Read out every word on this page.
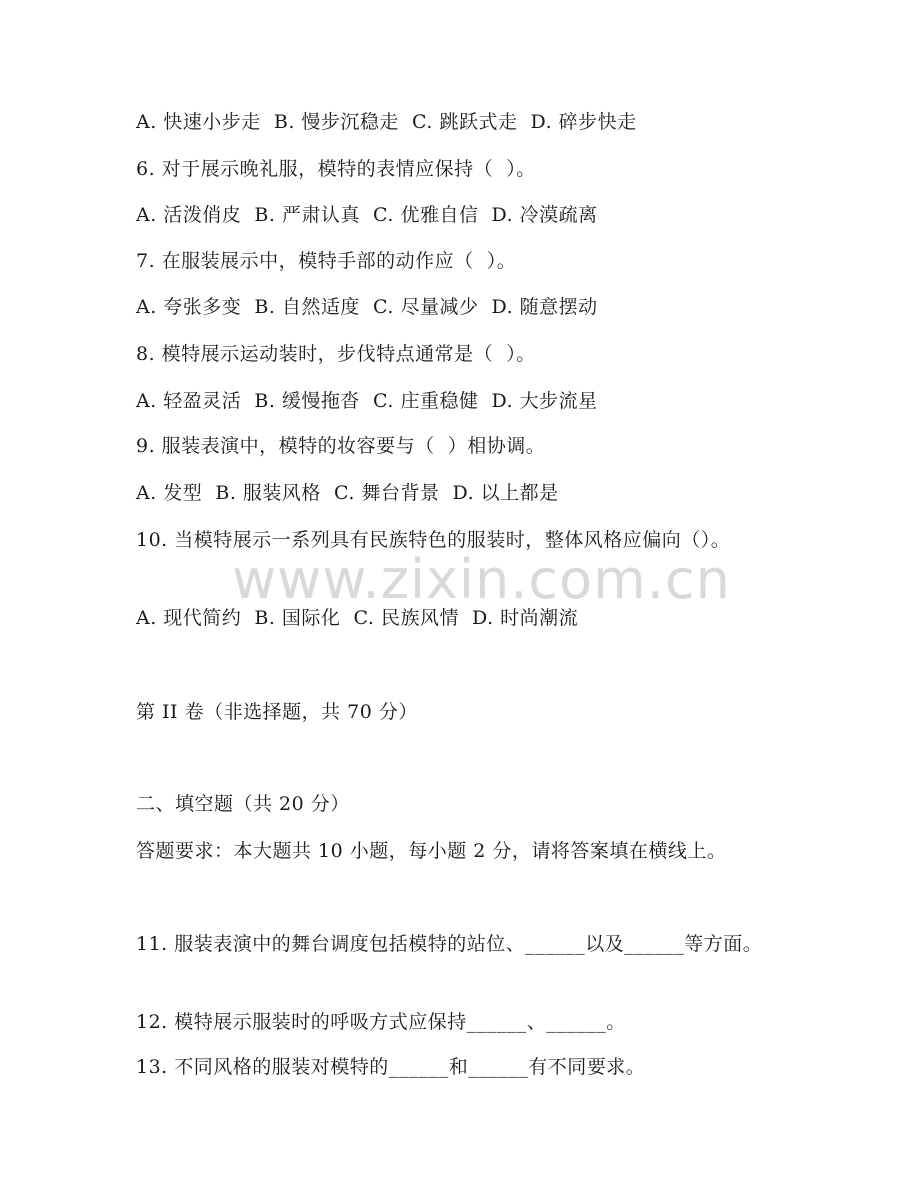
A. 快速小步走  B. 慢步沉稳走  C. 跳跃式走  D. 碎步快走
6. 对于展示晚礼服，模特的表情应保持（  ）。
A. 活泼俏皮  B. 严肃认真  C. 优雅自信  D. 冷漠疏离
7. 在服装展示中，模特手部的动作应（  ）。
A. 夸张多变  B. 自然适度  C. 尽量减少  D. 随意摆动
8. 模特展示运动装时，步伐特点通常是（  ）。
A. 轻盈灵活  B. 缓慢拖沓  C. 庄重稳健  D. 大步流星
9. 服装表演中，模特的妆容要与（  ）相协调。
A. 发型  B. 服装风格  C. 舞台背景  D. 以上都是
10. 当模特展示一系列具有民族特色的服装时，整体风格应偏向（）。
A. 现代简约  B. 国际化  C. 民族风情  D. 时尚潮流
第 II 卷（非选择题，共 70 分）
二、填空题（共 20 分）
答题要求：本大题共 10 小题，每小题 2 分，请将答案填在横线上。
11. 服装表演中的舞台调度包括模特的站位、______以及______等方面。
12. 模特展示服装时的呼吸方式应保持______、______。
13. 不同风格的服装对模特的______和______有不同要求。
www.zixin.com.cn
